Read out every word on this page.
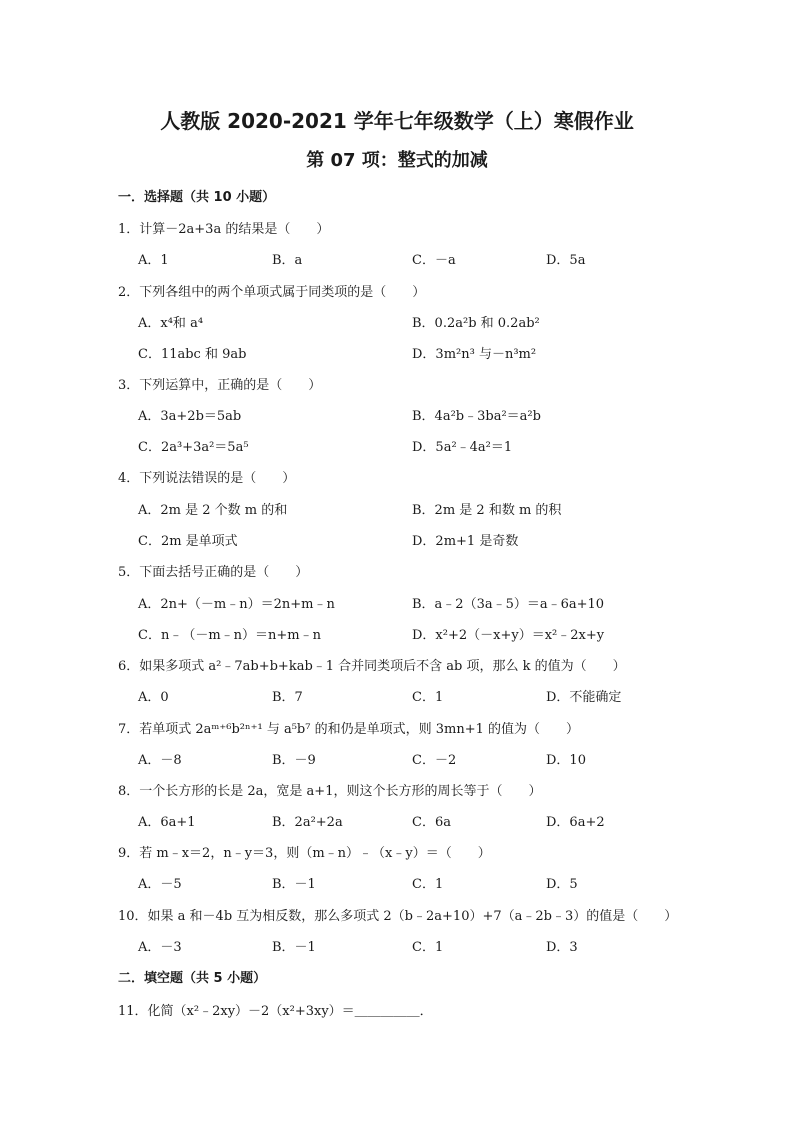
人教版 2020-2021 学年七年级数学（上）寒假作业
第 07 项：整式的加减
一．选择题（共 10 小题）
1．计算－2a+3a 的结果是（　　）
A．1	B．a	C．－a	D．5a
2．下列各组中的两个单项式属于同类项的是（　　）
A．x⁴和 a⁴	B．0.2a²b 和 0.2ab²
C．11abc 和 9ab	D．3m²n³ 与－n³m²
3．下列运算中，正确的是（　　）
A．3a+2b＝5ab	B．4a²b﹣3ba²＝a²b
C．2a³+3a²＝5a⁵	D．5a²﹣4a²＝1
4．下列说法错误的是（　　）
A．2m 是 2 个数 m 的和	B．2m 是 2 和数 m 的积
C．2m 是单项式	D．2m+1 是奇数
5．下面去括号正确的是（　　）
A．2n+（－m﹣n）＝2n+m﹣n	B．a﹣2（3a﹣5）＝a﹣6a+10
C．n﹣（－m﹣n）＝n+m﹣n	D．x²+2（－x+y）＝x²﹣2x+y
6．如果多项式 a²﹣7ab+b+kab﹣1 合并同类项后不含 ab 项，那么 k 的值为（　　）
A．0	B．7	C．1	D．不能确定
7．若单项式 2aᵐ⁺⁶b²ⁿ⁺¹ 与 a⁵b⁷ 的和仍是单项式，则 3mn+1 的值为（　　）
A．－8	B．－9	C．－2	D．10
8．一个长方形的长是 2a，宽是 a+1，则这个长方形的周长等于（　　）
A．6a+1	B．2a²+2a	C．6a	D．6a+2
9．若 m﹣x＝2，n﹣y＝3，则（m﹣n）﹣（x﹣y）＝（　　）
A．－5	B．－1	C．1	D．5
10．如果 a 和－4b 互为相反数，那么多项式 2（b﹣2a+10）+7（a﹣2b﹣3）的值是（　　）
A．－3	B．－1	C．1	D．3
二．填空题（共 5 小题）
11．化简（x²﹣2xy）－2（x²+3xy）＝＿＿＿＿＿．
